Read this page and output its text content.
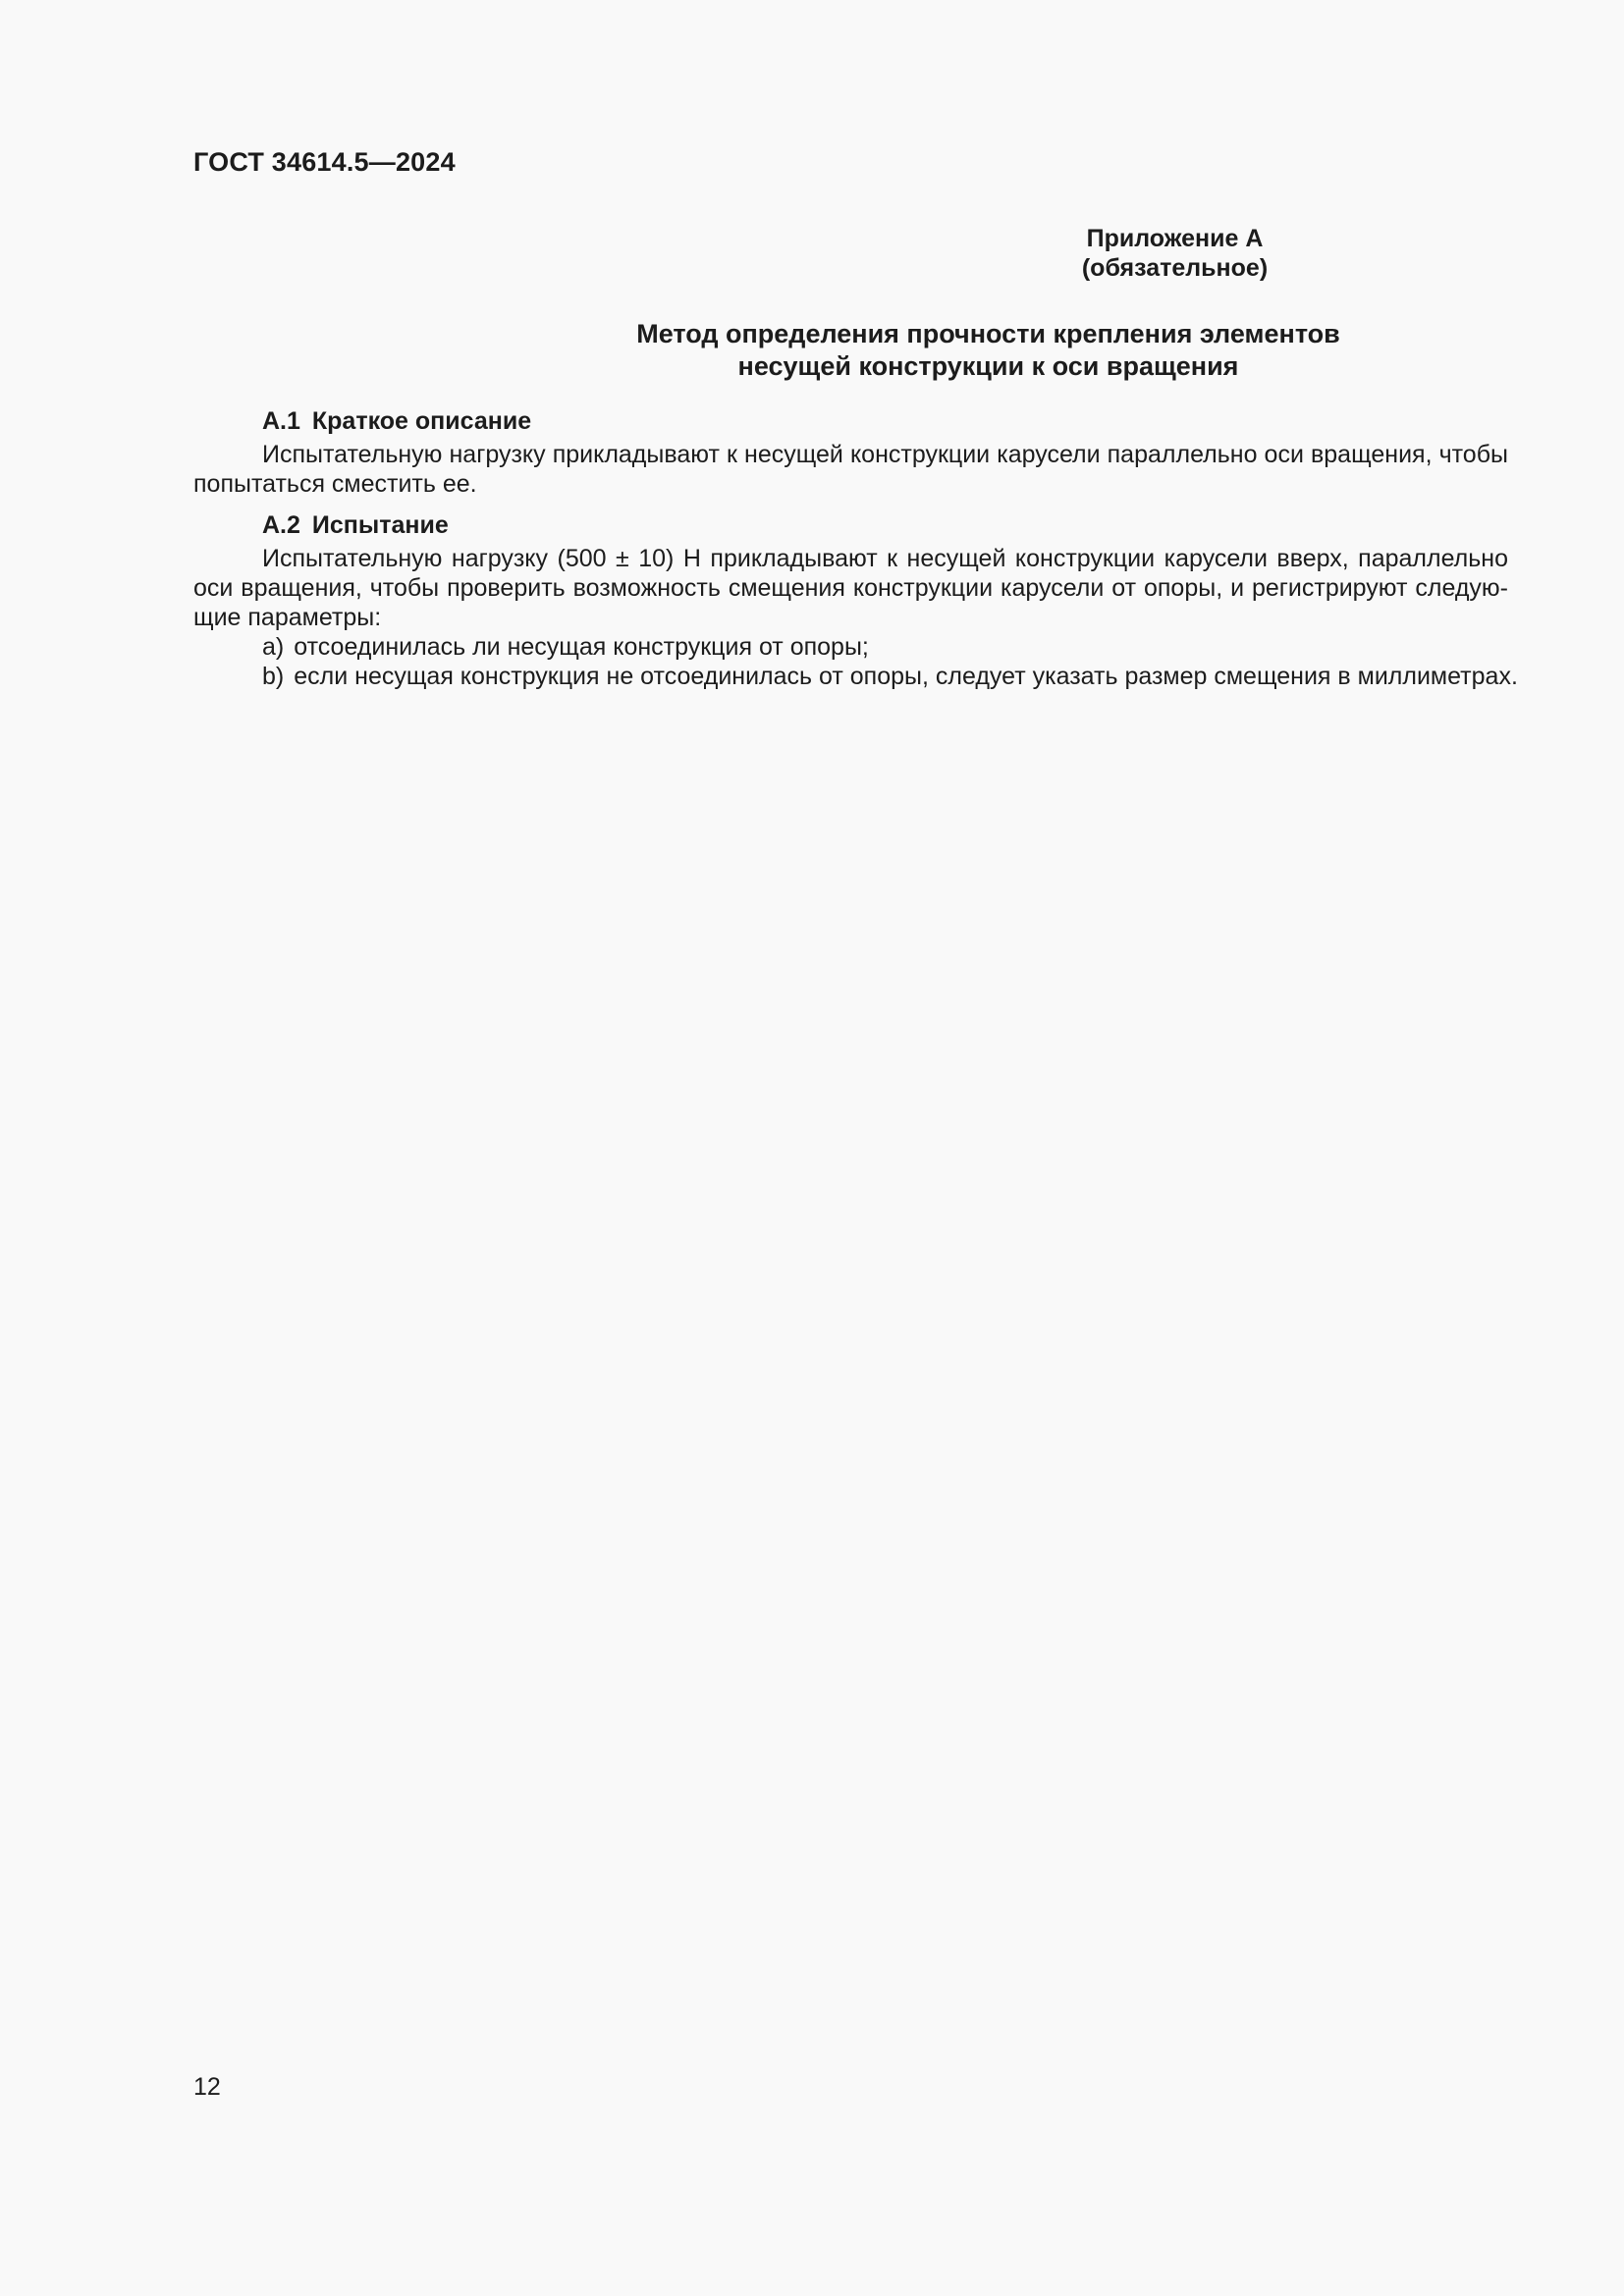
ГОСТ 34614.5—2024
Приложение А
(обязательное)
Метод определения прочности крепления элементов
несущей конструкции к оси вращения
А.1 Краткое описание

Испытательную нагрузку прикладывают к несущей конструкции карусели параллельно оси вращения, чтобы попытаться сместить ее.

А.2 Испытание

Испытательную нагрузку (500 ± 10) Н прикладывают к несущей конструкции карусели вверх, параллельно оси вращения, чтобы проверить возможность смещения конструкции карусели от опоры, и регистрируют следующие параметры:

a) отсоединилась ли несущая конструкция от опоры;
b) если несущая конструкция не отсоединилась от опоры, следует указать размер смещения в миллиметрах.
12
